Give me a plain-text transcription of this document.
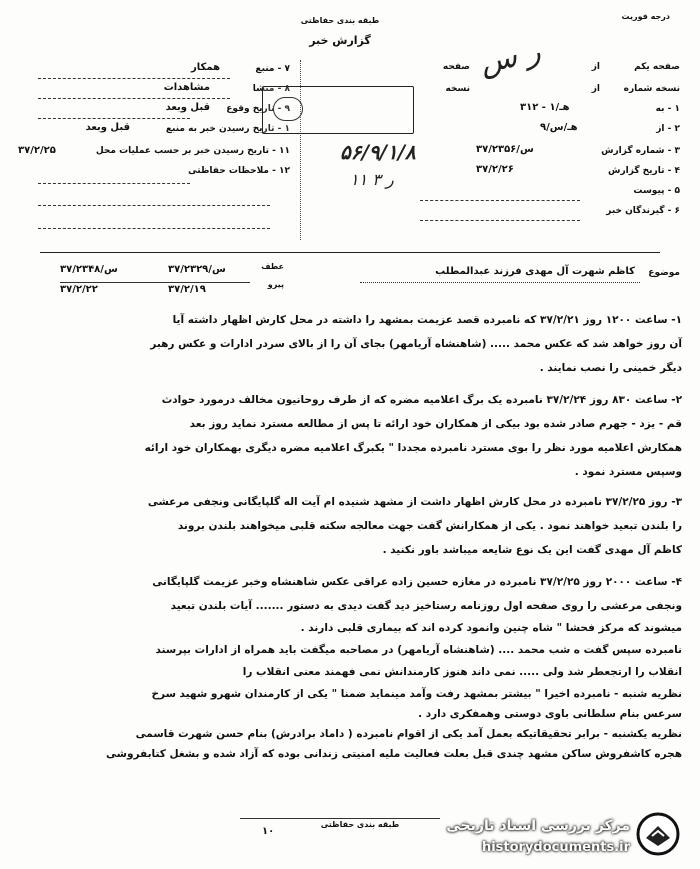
طبقه بندی حفاظتی
گزارش خبر
درجه فوریت
۷ - منبع
همکار
۸ - منشا
مشاهدات
۹ - تاریخ وقوع
قبل وبعد
۱ - تاریخ رسیدن خبر به منبع
قبل وبعد
۱۱ - تاریخ رسیدن خبر بر حسب عملیات محل
۳۷/۲/۲۵
۱۲ - ملاحظات حفاظتی
صفحه یکم
از
صفحه
نسخه شماره
از
نسخه
۱ - به
هـ/۱ - ۳۱۲
۲ - از
۹/هـ/س
۳ - شماره گزارش
۳۷/۲۳۵۶/س
۴ - تاریخ گزارش
۳۷/۲/۲۶
۵ - پیوست
۶ - گیرندگان خبر
ر س
۵۶/۹/۱/۸
۱۱ ر ۳
موضوع
کاظم شهرت آل مهدی فرزند عبدالمطلب
عطف
پیرو
۳۷/۲۳۲۹/س
۳۷/۲/۱۹
۳۷/۲۳۴۸/س
۳۷/۲/۲۲
۱- ساعت ۱۲۰۰ روز ۳۷/۲/۲۱ که نامبرده قصد عزیمت بمشهد را داشته در محل کارش اظهار داشته آیا
آن روز خواهد شد که عکس محمد ..... (شاهنشاه آریامهر) بجای آن را از بالای سردر ادارات و عکس رهبر
دیگر خمینی را نصب نمایند .
۲- ساعت ۸۳۰ روز ۳۷/۲/۲۴ نامبرده یک برگ اعلامیه مضره که از طرف روحانیون مخالف درمورد حوادث
قم - یزد - جهرم صادر شده بود بیکی از همکاران خود ارائه تا پس از مطالعه مسترد نماید روز بعد
همکارش اعلامیه مورد نظر را بوی مسترد نامبرده مجددا " یکبرگ اعلامیه مضره دیگری بهمکاران خود ارائه
وسپس مسترد نمود .
۳- روز ۳۷/۲/۲۵ نامبرده در محل کارش اظهار داشت از مشهد شنیده ام آیت اله گلپایگانی ونجفی مرعشی
را بلندن تبعید خواهند نمود . یکی از همکارانش گفت جهت معالجه سکته قلبی میخواهند بلندن بروند
کاظم آل مهدی گفت این یک نوع شایعه میباشد باور نکنید .
۴- ساعت ۲۰۰۰ روز ۳۷/۲/۲۵ نامبرده در مغازه حسین زاده عراقی عکس شاهنشاه وخبر عزیمت گلپایگانی
ونجفی مرعشی را روی صفحه اول روزنامه رستاخیز دید گفت دیدی به دستور ....... آیات بلندن تبعید
میشوند که مرکز فحشا " شاه چنین وانمود کرده اند که بیماری قلبی دارند .
نامبرده سپس گفت ه شب محمد .... (شاهنشاه آریامهر) در مصاحبه میگفت باید همراه از ادارات بپرسند
انقلاب را ارتجعطر شد ولی ..... نمی داند هنوز کارمندانش نمی فهمند معنی انقلاب را
نظریه شنبه - نامبرده اخیرا " بیشتر بمشهد رفت وآمد مینماید ضمنا " یکی از کارمندان شهرو شهید سرخ
سرعس بنام سلطانی باوی دوستی وهمفکری دارد .
نظریه یکشنبه - برابر تحقیقاتیکه بعمل آمد یکی از اقوام نامبرده ( داماد برادرش) بنام حسن شهرت قاسمی
هجره کاشفروش ساکن مشهد چندی قبل بعلت فعالیت ملیه امنیتی زندانی بوده که آزاد شده و بشغل کتابفروشی
طبقه بندی حفاظتی
۱۰	مرکز بررسی اسناد تاریخی
historydocuments.ir
